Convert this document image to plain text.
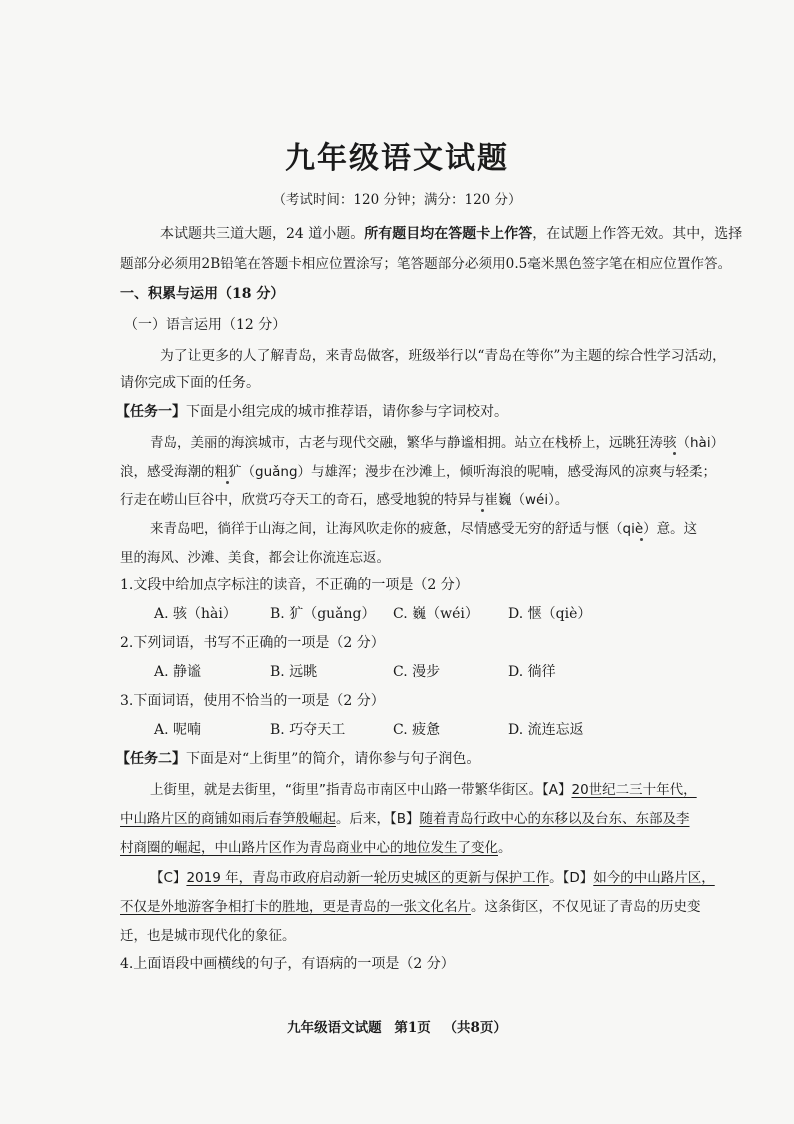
九年级语文试题
（考试时间：120 分钟；满分：120 分）
本试题共三道大题，24 道小题。所有题目均在答题卡上作答，在试题上作答无效。其中，选择
题部分必须用2B铅笔在答题卡相应位置涂写；笔答题部分必须用0.5毫米黑色签字笔在相应位置作答。
一、积累与运用（18 分）
（一）语言运用（12 分）
为了让更多的人了解青岛，来青岛做客，班级举行以“青岛在等你”为主题的综合性学习活动，
请你完成下面的任务。
【任务一】下面是小组完成的城市推荐语，请你参与字词校对。
青岛，美丽的海滨城市，古老与现代交融，繁华与静谧相拥。站立在栈桥上，远眺狂涛骇（hài）
浪，感受海潮的粗犷（guǎng）与雄浑；漫步在沙滩上，倾听海浪的呢喃，感受海风的凉爽与轻柔；
行走在崂山巨谷中，欣赏巧夺天工的奇石，感受地貌的特异与崔巍（wéi）。
来青岛吧，徜徉于山海之间，让海风吹走你的疲惫，尽情感受无穷的舒适与惬（qiè）意。这
里的海风、沙滩、美食，都会让你流连忘返。
1.文段中给加点字标注的读音，不正确的一项是（2 分）
A. 骇（hài） B. 犷（guǎng） C. 巍（wéi） D. 惬（qiè）
2.下列词语，书写不正确的一项是（2 分）
A. 静谧	B. 远眺	C. 漫步	D. 徜徉
3.下面词语，使用不恰当的一项是（2 分）
A. 呢喃	B. 巧夺天工	C. 疲惫	D. 流连忘返
【任务二】下面是对“上街里”的简介，请你参与句子润色。
上街里，就是去街里，“街里”指青岛市南区中山路一带繁华街区。【A】20世纪二三十年代，
中山路片区的商铺如雨后春笋般崛起。后来，【B】随着青岛行政中心的东移以及台东、东部及李
村商圈的崛起，中山路片区作为青岛商业中心的地位发生了变化。
【C】2019 年，青岛市政府启动新一轮历史城区的更新与保护工作。【D】如今的中山路片区，
不仅是外地游客争相打卡的胜地，更是青岛的一张文化名片。这条街区，不仅见证了青岛的历史变
迁，也是城市现代化的象征。
4.上面语段中画横线的句子，有语病的一项是（2 分）
九年级语文试题 第1页 （共8页）
